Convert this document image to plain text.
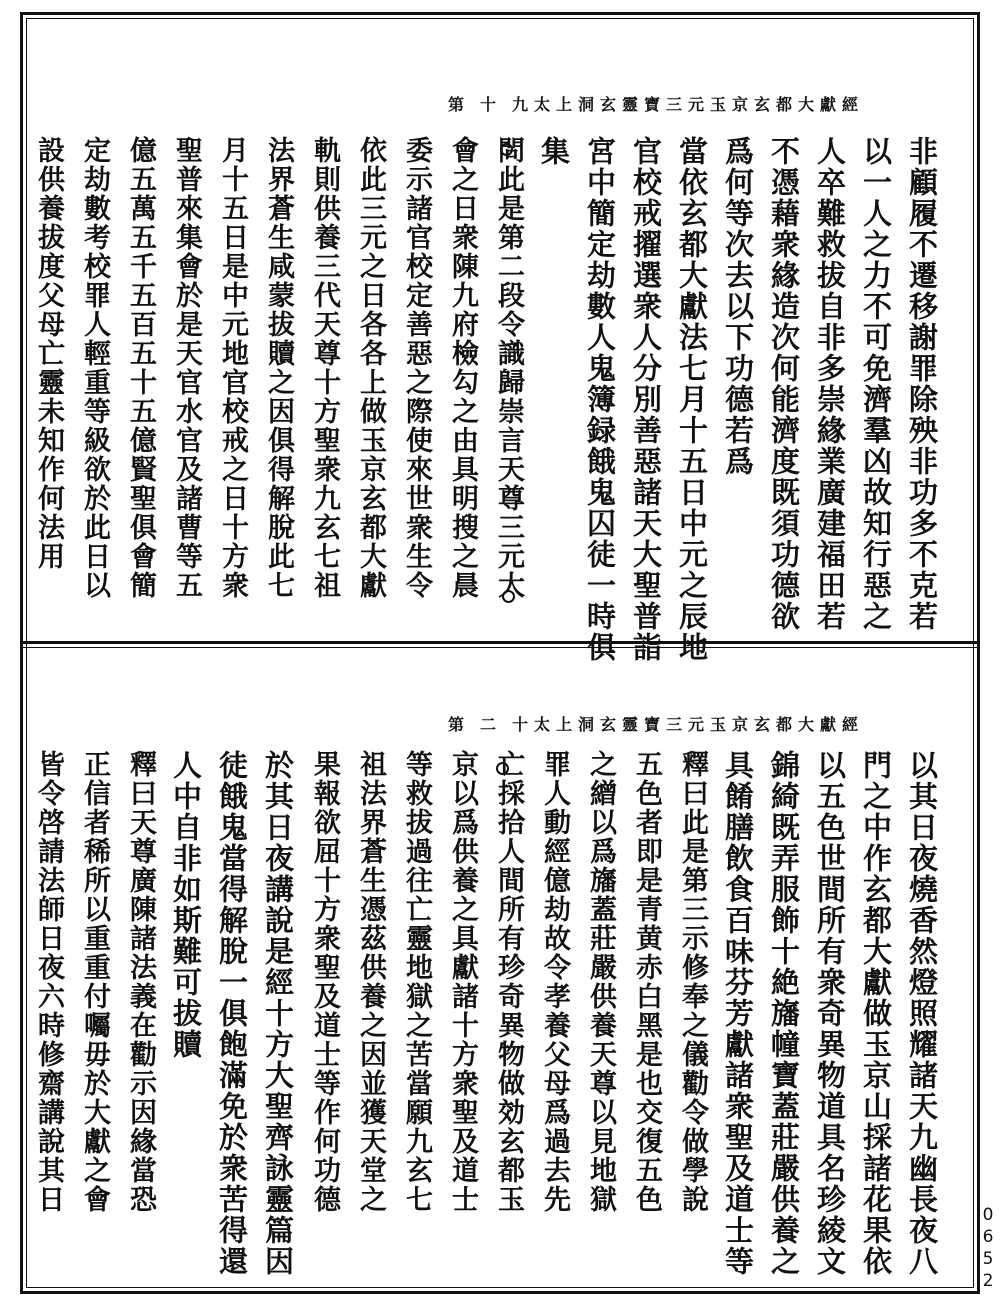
太上洞玄靈寶三元玉京玄都大獻經
第十九
非顧履不遷移謝罪除殃非功多不克若
以一人之力不可免濟羣凶故知行惡之
人卒難救拔自非多崇緣業廣建福田若
不憑藉衆緣造次何能濟度既須功德欲
爲何等次去以下功德若爲
當依玄都大獻法七月十五日中元之辰地
官校戒擢選衆人分別善惡諸天大聖普詣
宮中簡定劫數人鬼簿録餓鬼囚徒一時俱
集
問此是第二段令識歸崇言天尊三元大
會之日衆陳九府檢勾之由具明搜之晨
委示諸官校定善惡之際使來世衆生令
依此三元之日各各上做玉京玄都大獻
軌則供養三代天尊十方聖衆九玄七祖
法界蒼生咸蒙拔贖之因俱得解脫此七
月十五日是中元地官校戒之日十方衆
聖普來集會於是天官水官及諸曹等五
億五萬五千五百五十五億賢聖俱會簡
定劫數考校罪人輕重等級欲於此日以
設供養拔度父母亡靈未知作何法用
太上洞玄靈寶三元玉京玄都大獻經
第二十
以其日夜燒香然燈照耀諸天九幽長夜八
門之中作玄都大獻做玉京山採諸花果依
以五色世間所有衆奇異物道具名珍綾文
錦綺既弄服飾十絶旛幢寶蓋莊嚴供養之
具餚膳飲食百味芬芳獻諸衆聖及道士等
釋曰此是第三示修奉之儀勸令做學說
五色者即是青黄赤白黑是也交復五色
之繒以爲旛蓋莊嚴供養天尊以見地獄
罪人動經億劫故令孝養父母爲過去先
亡採拾人間所有珍奇異物做効玄都玉
京以爲供養之具獻諸十方衆聖及道士
等救拔過往亡靈地獄之苦當願九玄七
祖法界蒼生憑茲供養之因並獲天堂之
果報欲屈十方衆聖及道士等作何功德
於其日夜講說是經十方大聖齊詠靈篇因
徒餓鬼當得解脫一俱飽滿免於衆苦得還
人中自非如斯難可拔贖
釋曰天尊廣陳諸法義在勸示因緣當恐
正信者稀所以重重付囑毋於大獻之會
皆令啓請法師日夜六時修齋講說其日
0652
